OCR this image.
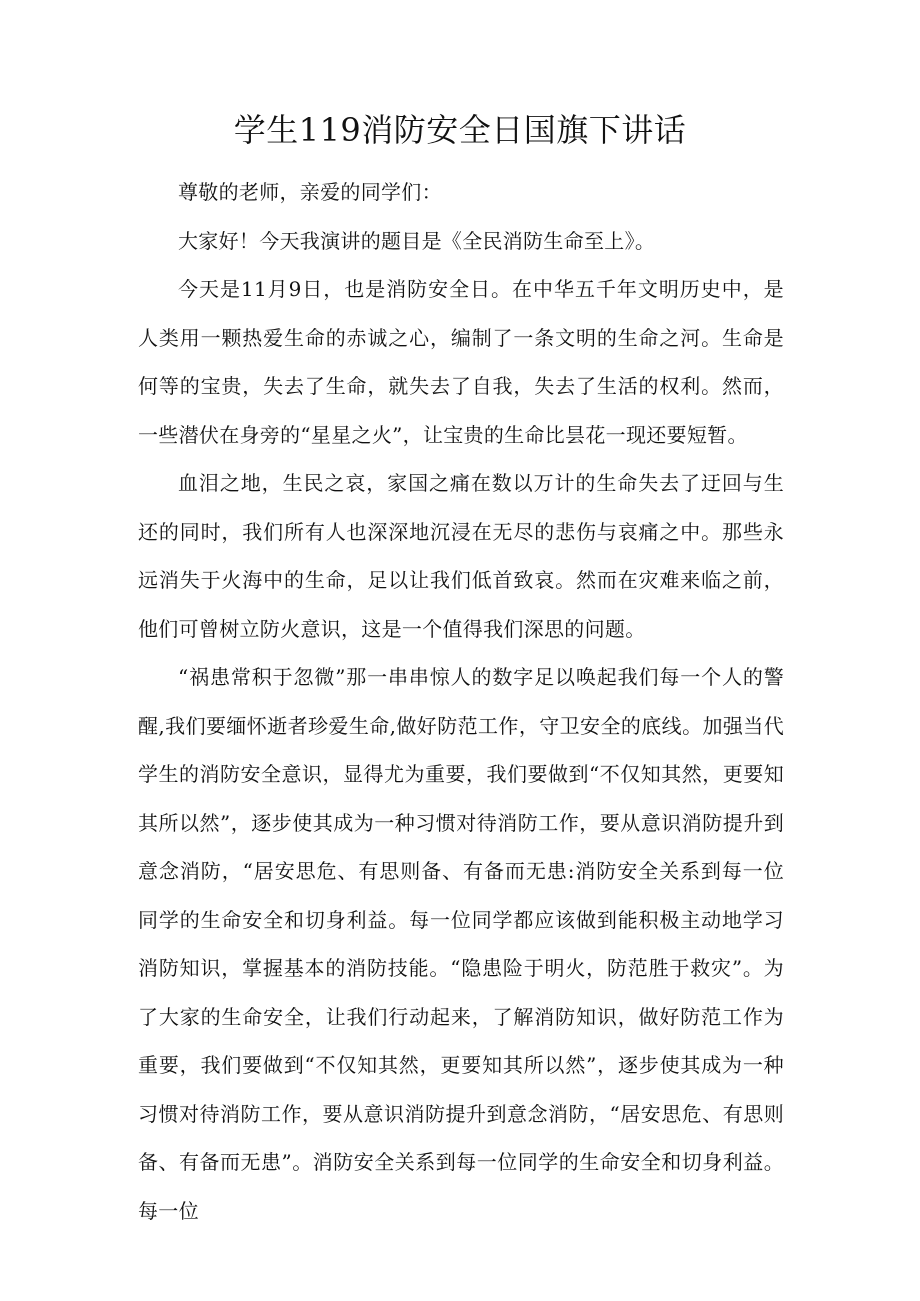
学生119消防安全日国旗下讲话

尊敬的老师，亲爱的同学们：

大家好！今天我演讲的题目是《全民消防生命至上》。

今天是11月9日，也是消防安全日。在中华五千年文明历史中，是人类用一颗热爱生命的赤诚之心，编制了一条文明的生命之河。生命是何等的宝贵，失去了生命，就失去了自我，失去了生活的权利。然而，一些潜伏在身旁的“星星之火”，让宝贵的生命比昙花一现还要短暂。

血泪之地，生民之哀，家国之痛在数以万计的生命失去了迂回与生还的同时，我们所有人也深深地沉浸在无尽的悲伤与哀痛之中。那些永远消失于火海中的生命，足以让我们低首致哀。然而在灾难来临之前，他们可曾树立防火意识，这是一个值得我们深思的问题。

“祸患常积于忽微”那一串串惊人的数字足以唤起我们每一个人的警醒,我们要缅怀逝者珍爱生命,做好防范工作，守卫安全的底线。加强当代学生的消防安全意识，显得尤为重要，我们要做到“不仅知其然，更要知其所以然”，逐步使其成为一种习惯对待消防工作，要从意识消防提升到意念消防，“居安思危、有思则备、有备而无患:消防安全关系到每一位同学的生命安全和切身利益。每一位同学都应该做到能积极主动地学习消防知识，掌握基本的消防技能。“隐患险于明火，防范胜于救灾”。为了大家的生命安全，让我们行动起来，了解消防知识，做好防范工作为重要，我们要做到“不仅知其然，更要知其所以然”，逐步使其成为一种习惯对待消防工作，要从意识消防提升到意念消防，“居安思危、有思则备、有备而无患”。消防安全关系到每一位同学的生命安全和切身利益。每一位
